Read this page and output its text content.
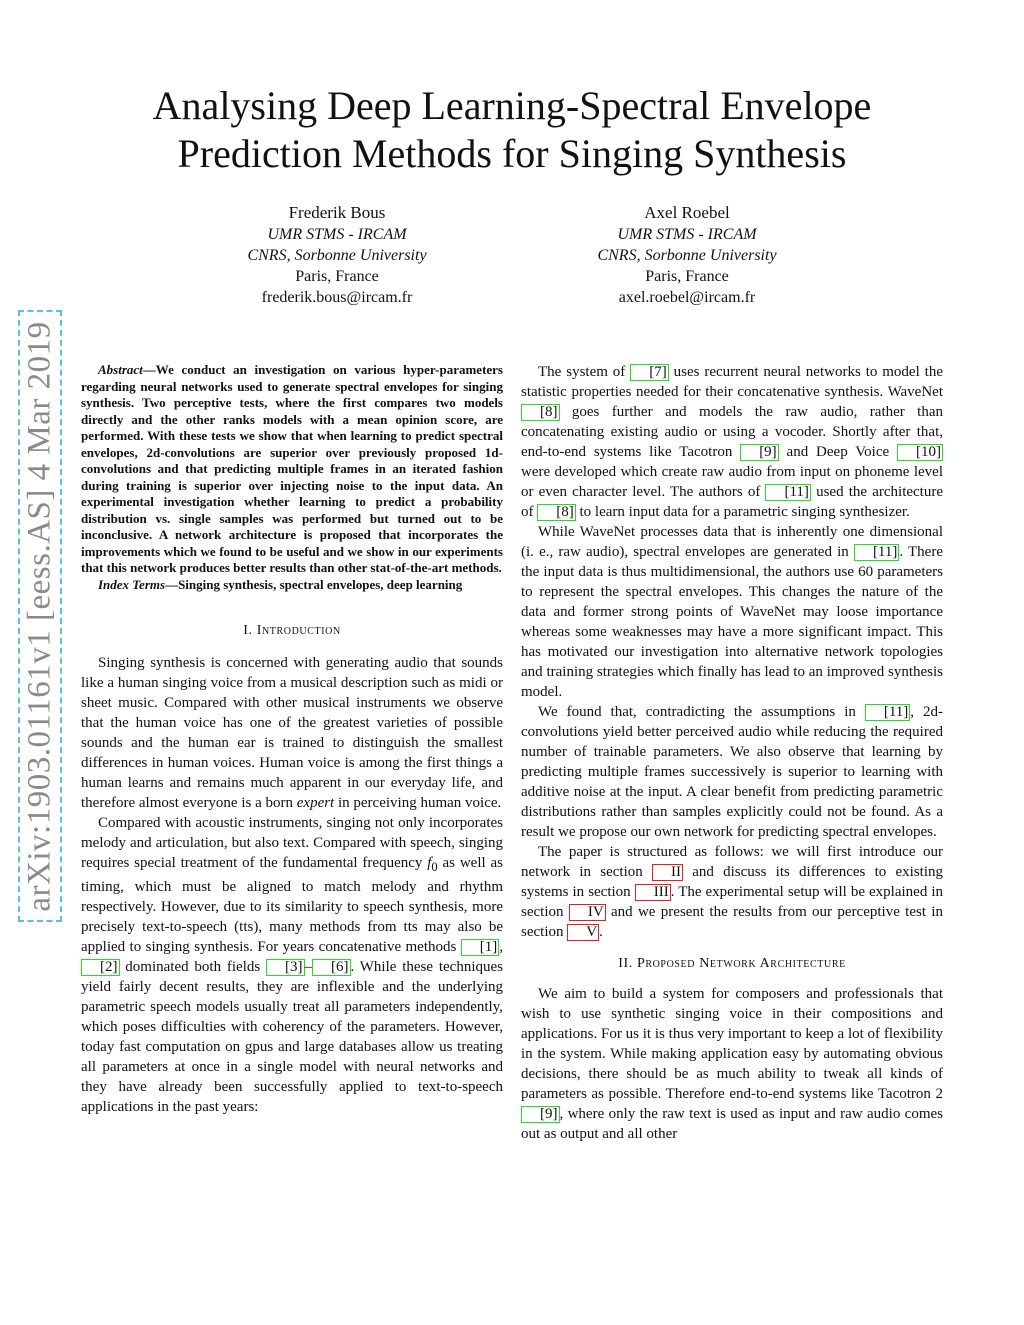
arXiv:1903.01161v1 [eess.AS] 4 Mar 2019
Analysing Deep Learning-Spectral Envelope
Prediction Methods for Singing Synthesis
Frederik Bous
UMR STMS - IRCAM
CNRS, Sorbonne University
Paris, France
frederik.bous@ircam.fr
Axel Roebel
UMR STMS - IRCAM
CNRS, Sorbonne University
Paris, France
axel.roebel@ircam.fr

Abstract—We conduct an investigation on various hyper-parameters regarding neural networks used to generate spectral envelopes for singing synthesis. Two perceptive tests, where the first compares two models directly and the other ranks models with a mean opinion score, are performed. With these tests we show that when learning to predict spectral envelopes, 2d-convolutions are superior over previously proposed 1d-convolutions and that predicting multiple frames in an iterated fashion during training is superior over injecting noise to the input data. An experimental investigation whether learning to predict a probability distribution vs. single samples was performed but turned out to be inconclusive. A network architecture is proposed that incorporates the improvements which we found to be useful and we show in our experiments that this network produces better results than other stat-of-the-art methods.

Index Terms—Singing synthesis, spectral envelopes, deep learning

I. Introduction

Singing synthesis is concerned with generating audio that sounds like a human singing voice from a musical description such as midi or sheet music. Compared with other musical instruments we observe that the human voice has one of the greatest varieties of possible sounds and the human ear is trained to distinguish the smallest differences in human voices. Human voice is among the first things a human learns and remains much apparent in our everyday life, and therefore almost everyone is a born expert in perceiving human voice.

Compared with acoustic instruments, singing not only incorporates melody and articulation, but also text. Compared with speech, singing requires special treatment of the fundamental frequency $f_0$ as well as timing, which must be aligned to match melody and rhythm respectively. However, due to its similarity to speech synthesis, more precisely text-to-speech (tts), many methods from tts may also be applied to singing synthesis. For years concatenative methods [1] , [2] dominated both fields [3] – [6] . While these techniques yield fairly decent results, they are inflexible and the underlying parametric speech models usually treat all parameters independently, which poses difficulties with coherency of the parameters. However, today fast computation on gpus and large databases allow us treating all parameters at once in a single model with neural networks and they have already been successfully applied to text-to-speech applications in the past years:

The system of [7] uses recurrent neural networks to model the statistic properties needed for their concatenative synthesis. WaveNet [8] goes further and models the raw audio, rather than concatenating existing audio or using a vocoder. Shortly after that, end-to-end systems like Tacotron [9] and Deep Voice [10] were developed which create raw audio from input on phoneme level or even character level. The authors of [11] used the architecture of [8] to learn input data for a parametric singing synthesizer.

While WaveNet processes data that is inherently one dimensional (i. e., raw audio), spectral envelopes are generated in [11] . There the input data is thus multidimensional, the authors use 60 parameters to represent the spectral envelopes. This changes the nature of the data and former strong points of WaveNet may loose importance whereas some weaknesses may have a more significant impact. This has motivated our investigation into alternative network topologies and training strategies which finally has lead to an improved synthesis model.

We found that, contradicting the assumptions in [11] , 2d-convolutions yield better perceived audio while reducing the required number of trainable parameters. We also observe that learning by predicting multiple frames successively is superior to learning with additive noise at the input. A clear benefit from predicting parametric distributions rather than samples explicitly could not be found. As a result we propose our own network for predicting spectral envelopes.

The paper is structured as follows: we will first introduce our network in section II and discuss its differences to existing systems in section III . The experimental setup will be explained in section IV and we present the results from our perceptive test in section V .

II. Proposed Network Architecture

We aim to build a system for composers and professionals that wish to use synthetic singing voice in their compositions and applications. For us it is thus very important to keep a lot of flexibility in the system. While making application easy by automating obvious decisions, there should be as much ability to tweak all kinds of parameters as possible. Therefore end-to-end systems like Tacotron 2 [9] , where only the raw text is used as input and raw audio comes out as output and all other
